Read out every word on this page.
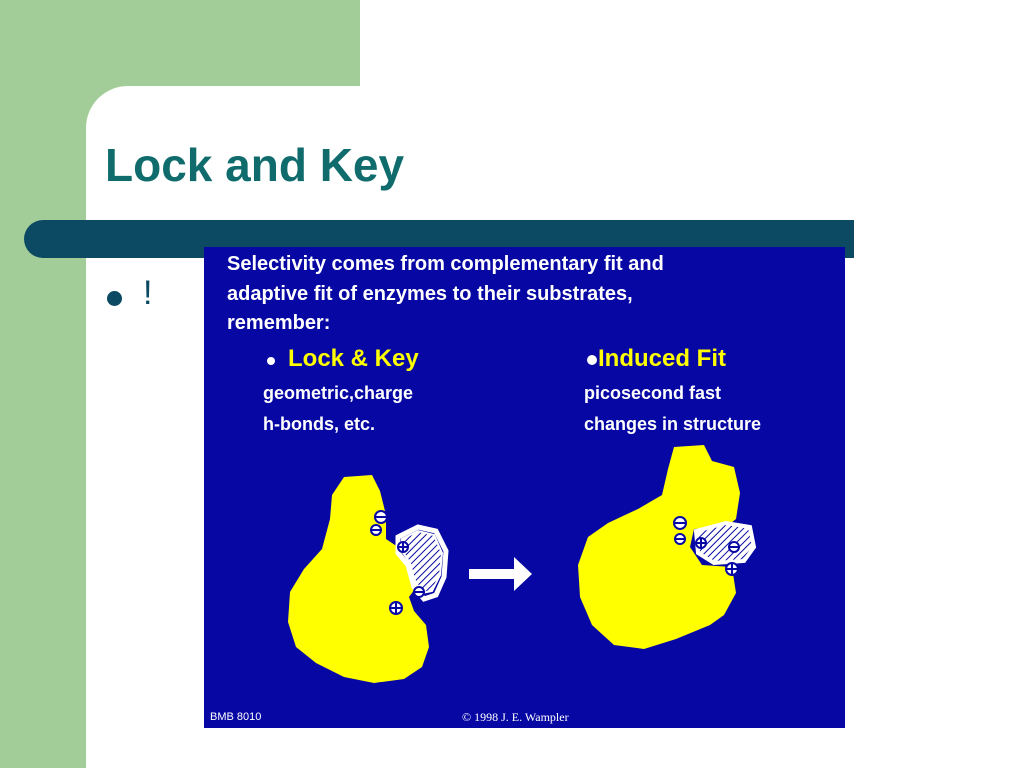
Lock and Key
!
Selectivity comes from complementary fit and
adaptive fit of enzymes to their substrates,
remember:
Lock & Key
geometric,charge
h-bonds, etc.
Induced Fit
picosecond fast
changes in structure
BMB 8010	© 1998 J. E. Wampler
